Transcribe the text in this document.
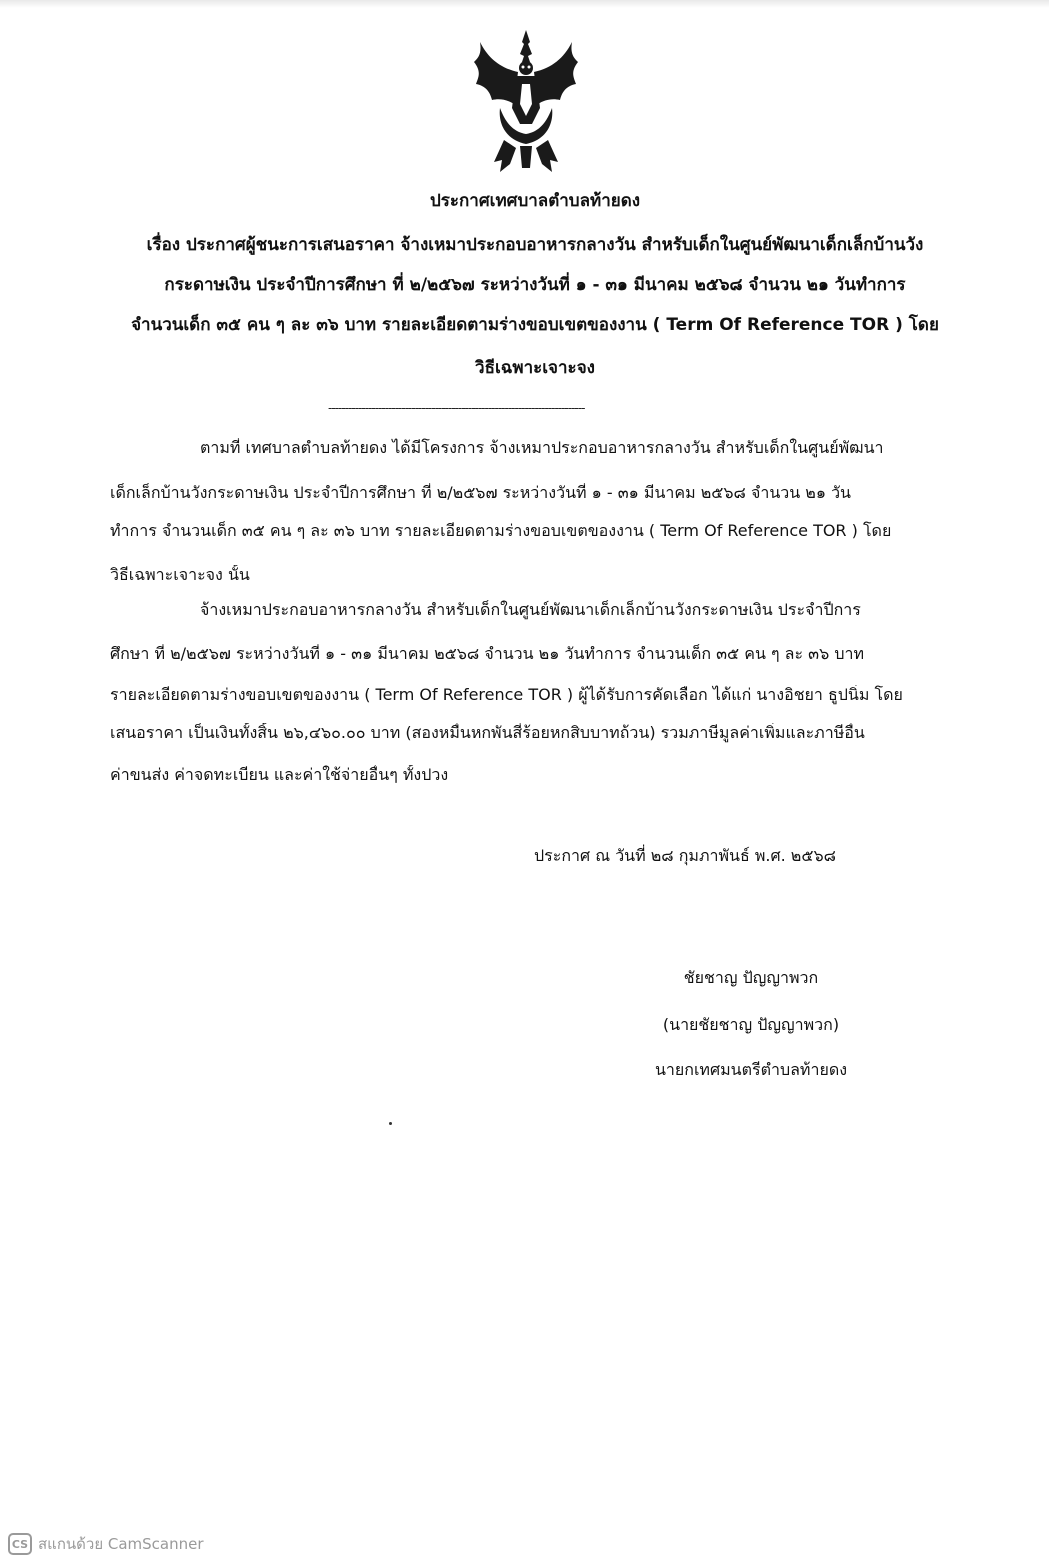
ประกาศเทศบาลตำบลท้ายดง
เรื่อง ประกาศผู้ชนะการเสนอราคา จ้างเหมาประกอบอาหารกลางวัน สำหรับเด็กในศูนย์พัฒนาเด็กเล็กบ้านวัง
กระดาษเงิน ประจำปีการศึกษา ที่ ๒/๒๕๖๗ ระหว่างวันที่ ๑ - ๓๑ มีนาคม ๒๕๖๘ จำนวน ๒๑ วันทำการ
จำนวนเด็ก ๓๕ คน ๆ ละ ๓๖ บาท รายละเอียดตามร่างขอบเขตของงาน ( Term Of Reference TOR ) โดย
วิธีเฉพาะเจาะจง
-----------------------------------------------------------------------------
ตามที่ เทศบาลตำบลท้ายดง ได้มีโครงการ จ้างเหมาประกอบอาหารกลางวัน สำหรับเด็กในศูนย์พัฒนา
เด็กเล็กบ้านวังกระดาษเงิน ประจำปีการศึกษา ที่ ๒/๒๕๖๗ ระหว่างวันที่ ๑ - ๓๑ มีนาคม ๒๕๖๘ จำนวน ๒๑ วัน
ทำการ จำนวนเด็ก ๓๕ คน ๆ ละ ๓๖ บาท รายละเอียดตามร่างขอบเขตของงาน ( Term Of Reference TOR ) โดย
วิธีเฉพาะเจาะจง นั้น
จ้างเหมาประกอบอาหารกลางวัน สำหรับเด็กในศูนย์พัฒนาเด็กเล็กบ้านวังกระดาษเงิน ประจำปีการ
ศึกษา ที่ ๒/๒๕๖๗ ระหว่างวันที่ ๑ - ๓๑ มีนาคม ๒๕๖๘ จำนวน ๒๑ วันทำการ จำนวนเด็ก ๓๕ คน ๆ ละ ๓๖ บาท
รายละเอียดตามร่างขอบเขตของงาน ( Term Of Reference TOR ) ผู้ได้รับการคัดเลือก ได้แก่ นางอิชยา ธูปนิ่ม โดย
เสนอราคา เป็นเงินทั้งสิ้น ๒๖,๔๖๐.๐๐ บาท (สองหมื่นหกพันสี่ร้อยหกสิบบาทถ้วน) รวมภาษีมูลค่าเพิ่มและภาษีอื่น
ค่าขนส่ง ค่าจดทะเบียน และค่าใช้จ่ายอื่นๆ ทั้งปวง
ประกาศ ณ วันที่ ๒๘ กุมภาพันธ์ พ.ศ. ๒๕๖๘
ชัยชาญ ปัญญาพวก
(นายชัยชาญ ปัญญาพวก)
นายกเทศมนตรีตำบลท้ายดง
CS สแกนด้วย CamScanner
